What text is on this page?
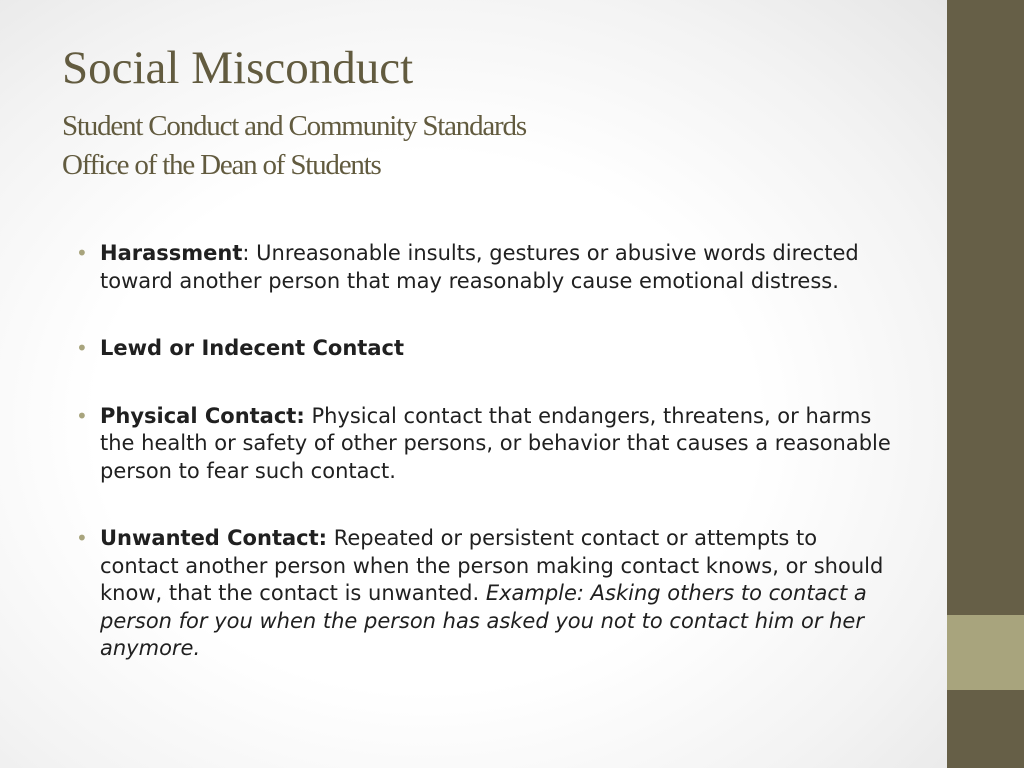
Social Misconduct
Student Conduct and Community Standards
Office of the Dean of Students
• Harassment: Unreasonable insults, gestures or abusive words directed toward another person that may reasonably cause emotional distress.
• Lewd or Indecent Contact
• Physical Contact: Physical contact that endangers, threatens, or harms the health or safety of other persons, or behavior that causes a reasonable person to fear such contact.
• Unwanted Contact: Repeated or persistent contact or attempts to contact another person when the person making contact knows, or should know, that the contact is unwanted. Example: Asking others to contact a person for you when the person has asked you not to contact him or her anymore.
